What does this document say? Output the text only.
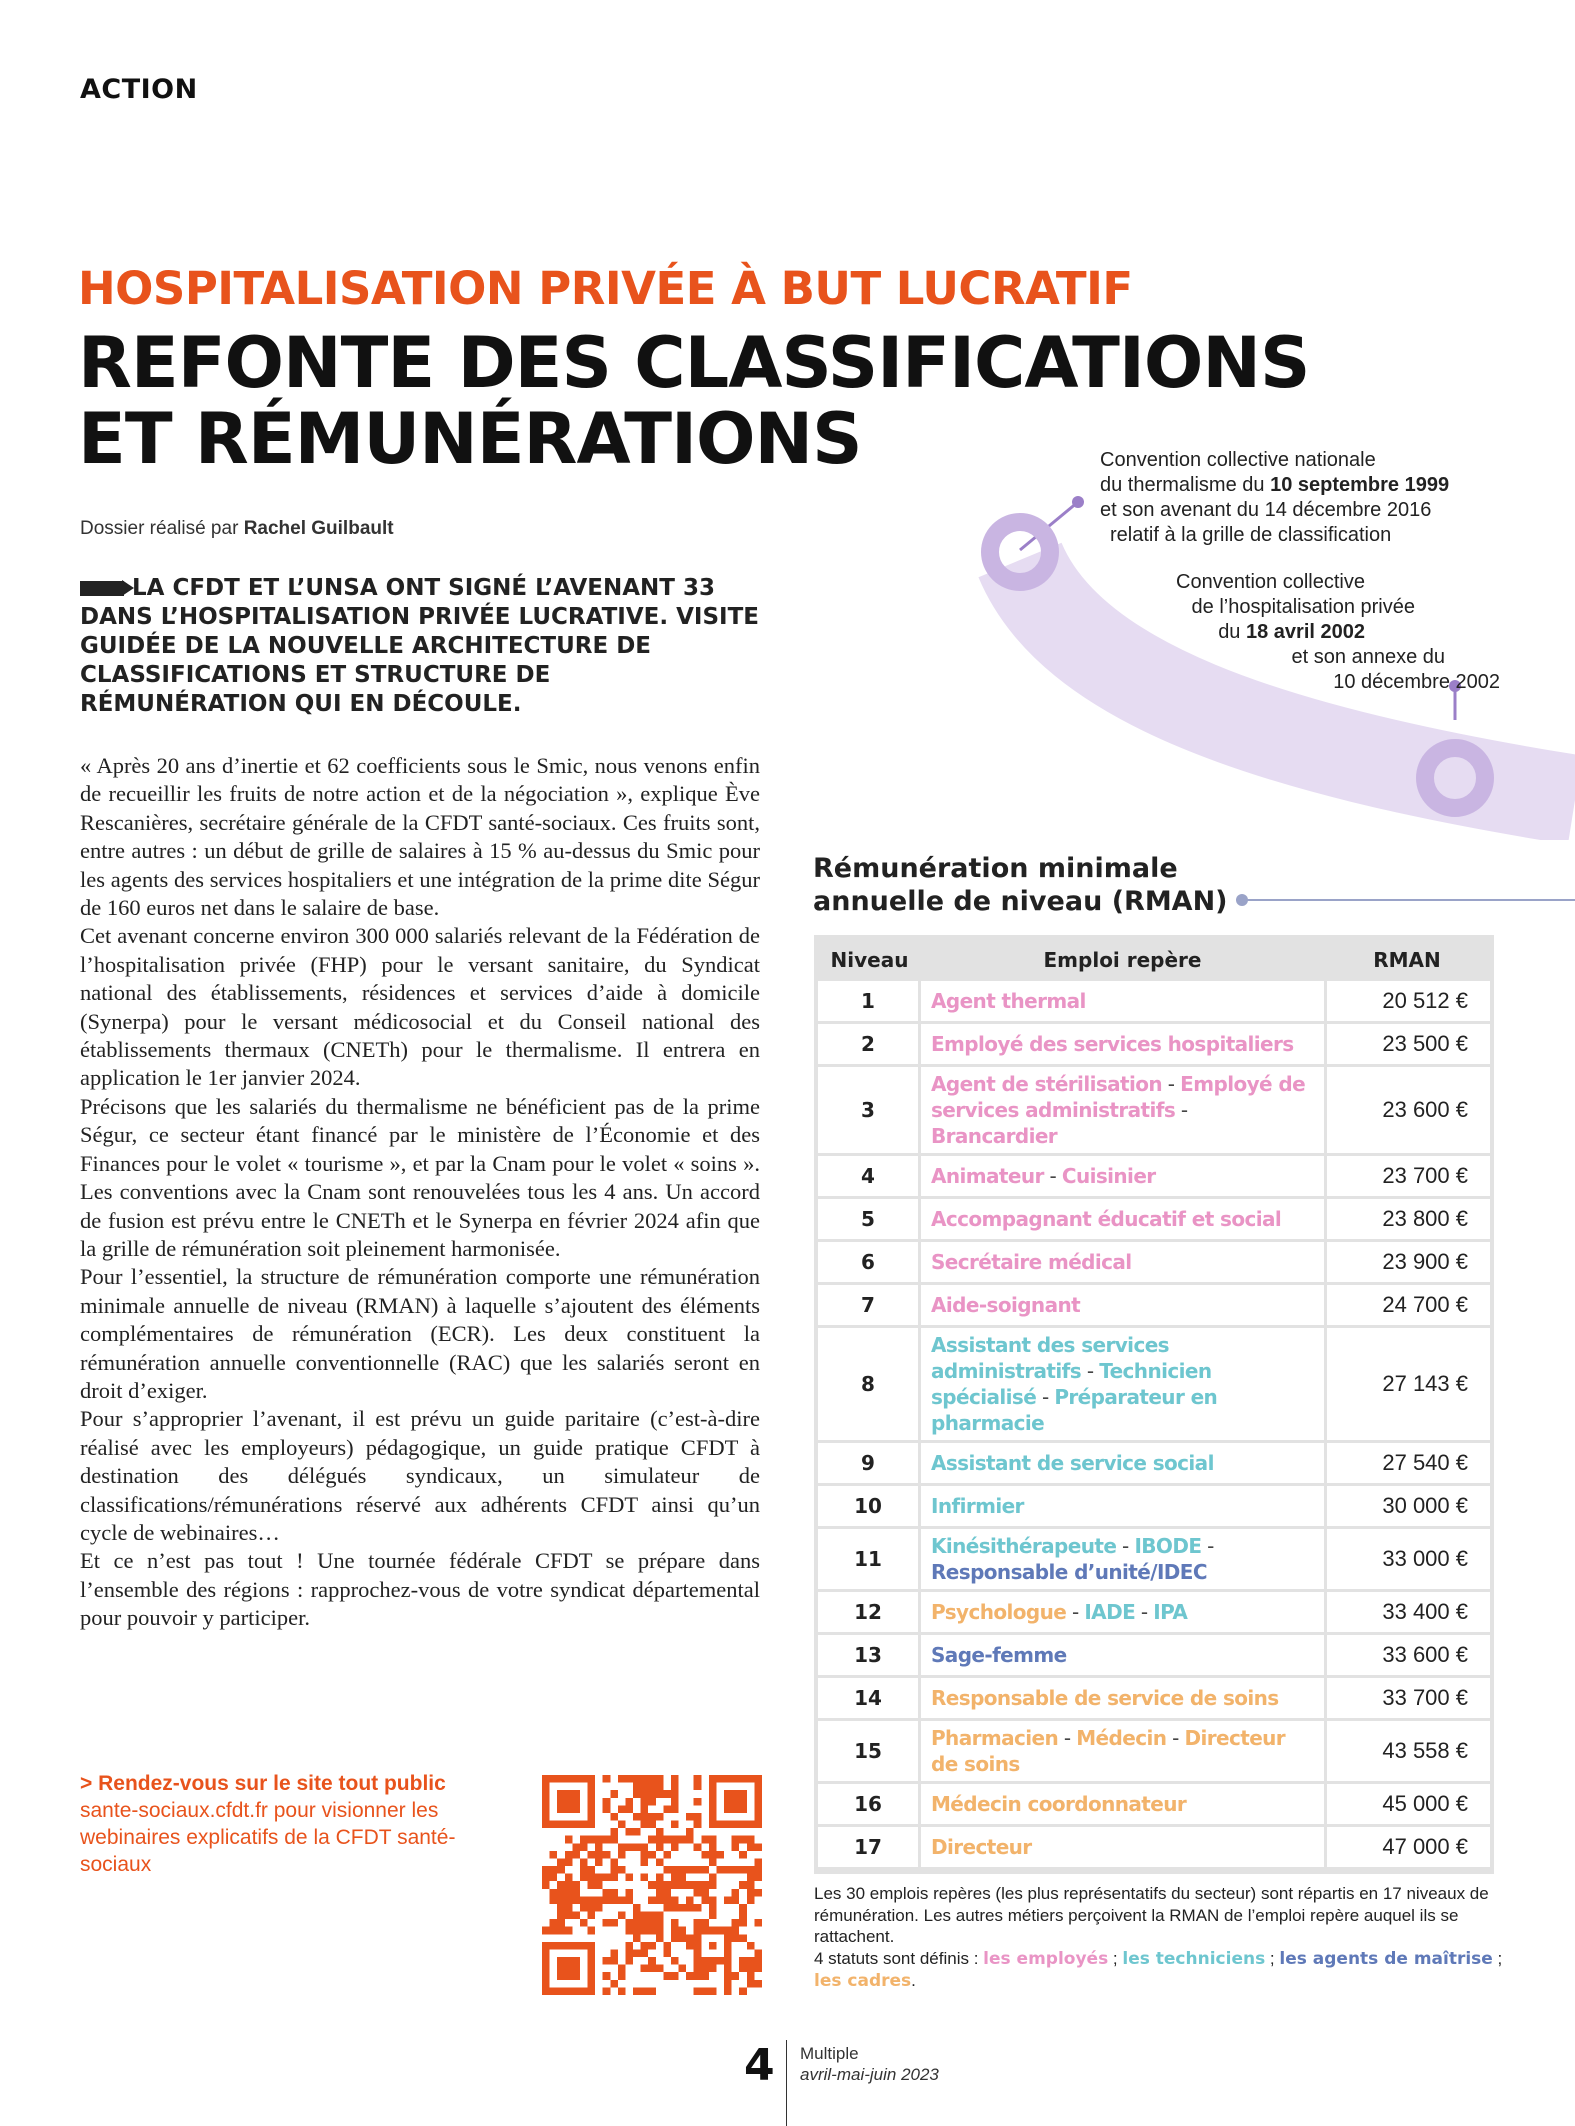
ACTION
HOSPITALISATION PRIVÉE À BUT LUCRATIF
REFONTE DES CLASSIFICATIONS
ET RÉMUNÉRATIONS
Dossier réalisé par Rachel Guilbault
LA CFDT ET L’UNSA ONT SIGNÉ L’AVENANT 33 DANS L’HOSPITALISATION PRIVÉE LUCRATIVE. VISITE GUIDÉE DE LA NOUVELLE ARCHITECTURE DE CLASSIFICATIONS ET STRUCTURE DE RÉMUNÉRATION QUI EN DÉCOULE.

« Après 20 ans d’inertie et 62 coefficients sous le Smic, nous venons enfin de recueillir les fruits de notre action et de la négociation », explique Ève Rescanières, secrétaire générale de la CFDT santé-sociaux. Ces fruits sont, entre autres : un début de grille de salaires à 15 % au-dessus du Smic pour les agents des services hospitaliers et une intégration de la prime dite Ségur de 160 euros net dans le salaire de base.

Cet avenant concerne environ 300 000 salariés relevant de la Fédération de l’hospitalisation privée (FHP) pour le versant sanitaire, du Syndicat national des établissements, résidences et services d’aide à domicile (Synerpa) pour le versant médicosocial et du Conseil national des établissements thermaux (CNETh) pour le thermalisme. Il entrera en application le 1er janvier 2024.

Précisons que les salariés du thermalisme ne bénéficient pas de la prime Ségur, ce secteur étant financé par le ministère de l’Économie et des Finances pour le volet « tourisme », et par la Cnam pour le volet « soins ». Les conventions avec la Cnam sont renouvelées tous les 4 ans. Un accord de fusion est prévu entre le CNETh et le Synerpa en février 2024 afin que la grille de rémunération soit pleinement harmonisée.

Pour l’essentiel, la structure de rémunération comporte une rémunération minimale annuelle de niveau (RMAN) à laquelle s’ajoutent des éléments complémentaires de rémunération (ECR). Les deux constituent la rémunération annuelle conventionnelle (RAC) que les salariés seront en droit d’exiger.

Pour s’approprier l’avenant, il est prévu un guide paritaire (c’est-à-dire réalisé avec les employeurs) pédagogique, un guide pratique CFDT à destination des délégués syndicaux, un simulateur de classifications/rémunérations réservé aux adhérents CFDT ainsi qu’un cycle de webinaires…

Et ce n’est pas tout ! Une tournée fédérale CFDT se prépare dans l’ensemble des régions : rapprochez-vous de votre syndicat départemental pour pouvoir y participer.

> Rendez-vous sur le site tout public
sante-sociaux.cfdt.fr pour visionner les webinaires explicatifs de la CFDT santé-sociaux
Convention collective nationale
du thermalisme du 10 septembre 1999
et son avenant du 14 décembre 2016
relatif à la grille de classification
Convention collective
de l’hospitalisation privée
du 18 avril 2002
et son annexe du
10 décembre 2002
Rémunération minimale
annuelle de niveau (RMAN)
Niveau	Emploi repère	RMAN
1	Agent thermal	20 512 €
2	Employé des services hospitaliers	23 500 €
3	Agent de stérilisation - Employé de services administratifs - Brancardier	23 600 €
4	Animateur - Cuisinier	23 700 €
5	Accompagnant éducatif et social	23 800 €
6	Secrétaire médical	23 900 €
7	Aide-soignant	24 700 €
8	Assistant des services administratifs - Technicien spécialisé - Préparateur en pharmacie	27 143 €
9	Assistant de service social	27 540 €
10	Infirmier	30 000 €
11	Kinésithérapeute - IBODE - Responsable d’unité/IDEC	33 000 €
12	Psychologue - IADE - IPA	33 400 €
13	Sage-femme	33 600 €
14	Responsable de service de soins	33 700 €
15	Pharmacien - Médecin - Directeur de soins	43 558 €
16	Médecin coordonnateur	45 000 €
17	Directeur	47 000 €
Les 30 emplois repères (les plus représentatifs du secteur) sont répartis en 17 niveaux de rémunération. Les autres métiers perçoivent la RMAN de l’emploi repère auquel ils se rattachent.
4 statuts sont définis : les employés ; les techniciens ; les agents de maîtrise ; les cadres.
4 Multiple
avril-mai-juin 2023
